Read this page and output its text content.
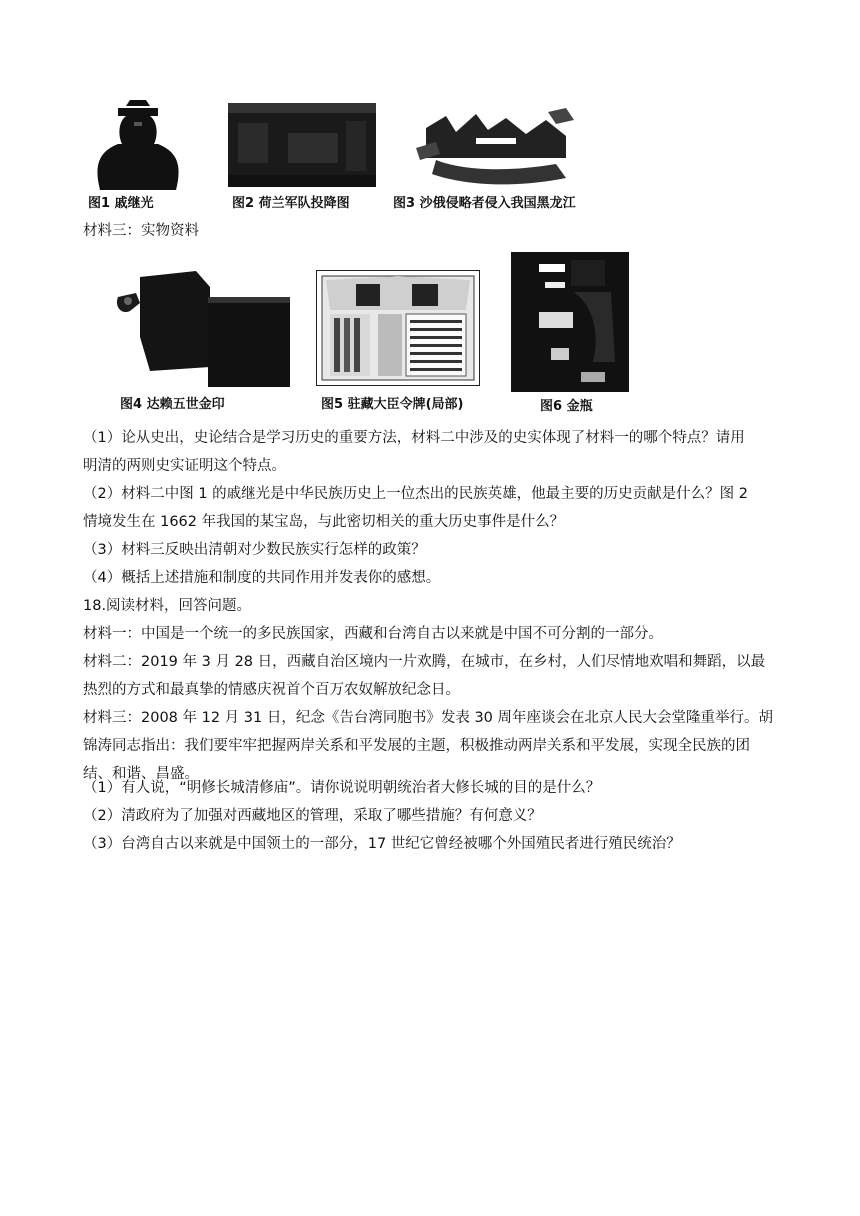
图1 戚继光	图2 荷兰军队投降图	图3 沙俄侵略者侵入我国黑龙江
材料三：实物资料
图4 达赖五世金印	图5 驻藏大臣令牌(局部)	图6 金瓶
（1）论从史出，史论结合是学习历史的重要方法，材料二中涉及的史实体现了材料一的哪个特点？请用
明清的两则史实证明这个特点。
（2）材料二中图 1 的戚继光是中华民族历史上一位杰出的民族英雄，他最主要的历史贡献是什么？图 2
情境发生在 1662 年我国的某宝岛，与此密切相关的重大历史事件是什么？
（3）材料三反映出清朝对少数民族实行怎样的政策？
（4）概括上述措施和制度的共同作用并发表你的感想。
18.阅读材料，回答问题。
材料一：中国是一个统一的多民族国家，西藏和台湾自古以来就是中国不可分割的一部分。
材料二：2019 年 3 月 28 日，西藏自治区境内一片欢腾，在城市，在乡村，人们尽情地欢唱和舞蹈，以最
热烈的方式和最真挚的情感庆祝首个百万农奴解放纪念日。
材料三：2008 年 12 月 31 日，纪念《告台湾同胞书》发表 30 周年座谈会在北京人民大会堂隆重举行。胡
锦涛同志指出：我们要牢牢把握两岸关系和平发展的主题，积极推动两岸关系和平发展，实现全民族的团
结、和谐、昌盛。
（1）有人说，“明修长城清修庙”。请你说说明朝统治者大修长城的目的是什么？
（2）清政府为了加强对西藏地区的管理，采取了哪些措施？有何意义？
（3）台湾自古以来就是中国领土的一部分，17 世纪它曾经被哪个外国殖民者进行殖民统治？
